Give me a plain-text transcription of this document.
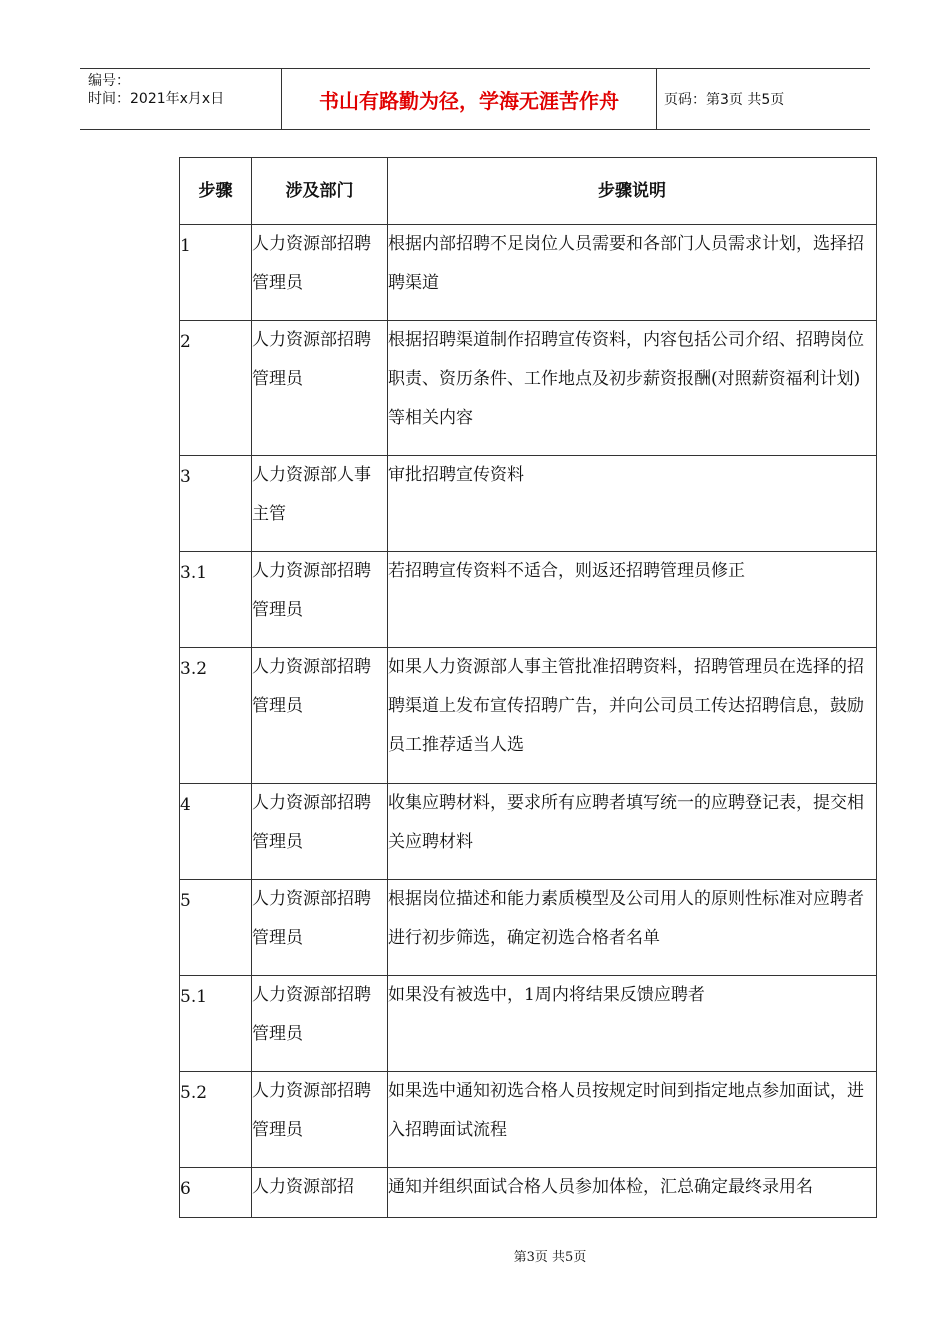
编号：
时间：2021年x月x日	书山有路勤为径，学海无涯苦作舟	页码：第3页 共5页
步骤	涉及部门	步骤说明
1	人力资源部招聘管理员	根据内部招聘不足岗位人员需要和各部门人员需求计划，选择招聘渠道
2	人力资源部招聘管理员	根据招聘渠道制作招聘宣传资料，内容包括公司介绍、招聘岗位职责、资历条件、工作地点及初步薪资报酬(对照薪资福利计划)等相关内容
3	人力资源部人事主管	审批招聘宣传资料
3.1	人力资源部招聘管理员	若招聘宣传资料不适合，则返还招聘管理员修正
3.2	人力资源部招聘管理员	如果人力资源部人事主管批准招聘资料，招聘管理员在选择的招聘渠道上发布宣传招聘广告，并向公司员工传达招聘信息，鼓励员工推荐适当人选
4	人力资源部招聘管理员	收集应聘材料，要求所有应聘者填写统一的应聘登记表，提交相关应聘材料
5	人力资源部招聘管理员	根据岗位描述和能力素质模型及公司用人的原则性标准对应聘者进行初步筛选，确定初选合格者名单
5.1	人力资源部招聘管理员	如果没有被选中，1周内将结果反馈应聘者
5.2	人力资源部招聘管理员	如果选中通知初选合格人员按规定时间到指定地点参加面试，进入招聘面试流程
6	人力资源部招	通知并组织面试合格人员参加体检，汇总确定最终录用名
第3页 共5页
